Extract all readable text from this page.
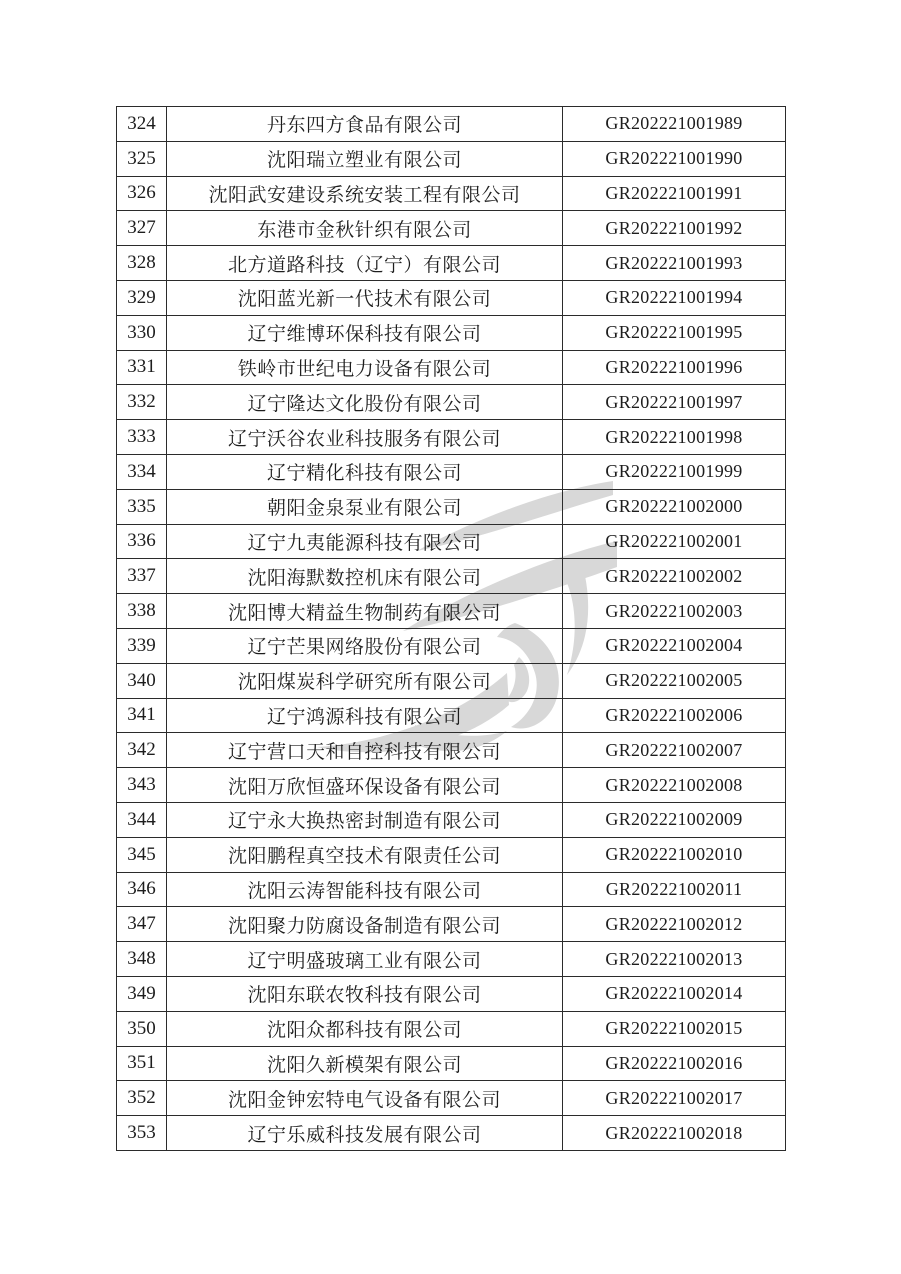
324	丹东四方食品有限公司	GR202221001989
325	沈阳瑞立塑业有限公司	GR202221001990
326	沈阳武安建设系统安装工程有限公司	GR202221001991
327	东港市金秋针织有限公司	GR202221001992
328	北方道路科技（辽宁）有限公司	GR202221001993
329	沈阳蓝光新一代技术有限公司	GR202221001994
330	辽宁维博环保科技有限公司	GR202221001995
331	铁岭市世纪电力设备有限公司	GR202221001996
332	辽宁隆达文化股份有限公司	GR202221001997
333	辽宁沃谷农业科技服务有限公司	GR202221001998
334	辽宁精化科技有限公司	GR202221001999
335	朝阳金泉泵业有限公司	GR202221002000
336	辽宁九夷能源科技有限公司	GR202221002001
337	沈阳海默数控机床有限公司	GR202221002002
338	沈阳博大精益生物制药有限公司	GR202221002003
339	辽宁芒果网络股份有限公司	GR202221002004
340	沈阳煤炭科学研究所有限公司	GR202221002005
341	辽宁鸿源科技有限公司	GR202221002006
342	辽宁营口天和自控科技有限公司	GR202221002007
343	沈阳万欣恒盛环保设备有限公司	GR202221002008
344	辽宁永大换热密封制造有限公司	GR202221002009
345	沈阳鹏程真空技术有限责任公司	GR202221002010
346	沈阳云涛智能科技有限公司	GR202221002011
347	沈阳聚力防腐设备制造有限公司	GR202221002012
348	辽宁明盛玻璃工业有限公司	GR202221002013
349	沈阳东联农牧科技有限公司	GR202221002014
350	沈阳众都科技有限公司	GR202221002015
351	沈阳久新模架有限公司	GR202221002016
352	沈阳金钟宏特电气设备有限公司	GR202221002017
353	辽宁乐威科技发展有限公司	GR202221002018
